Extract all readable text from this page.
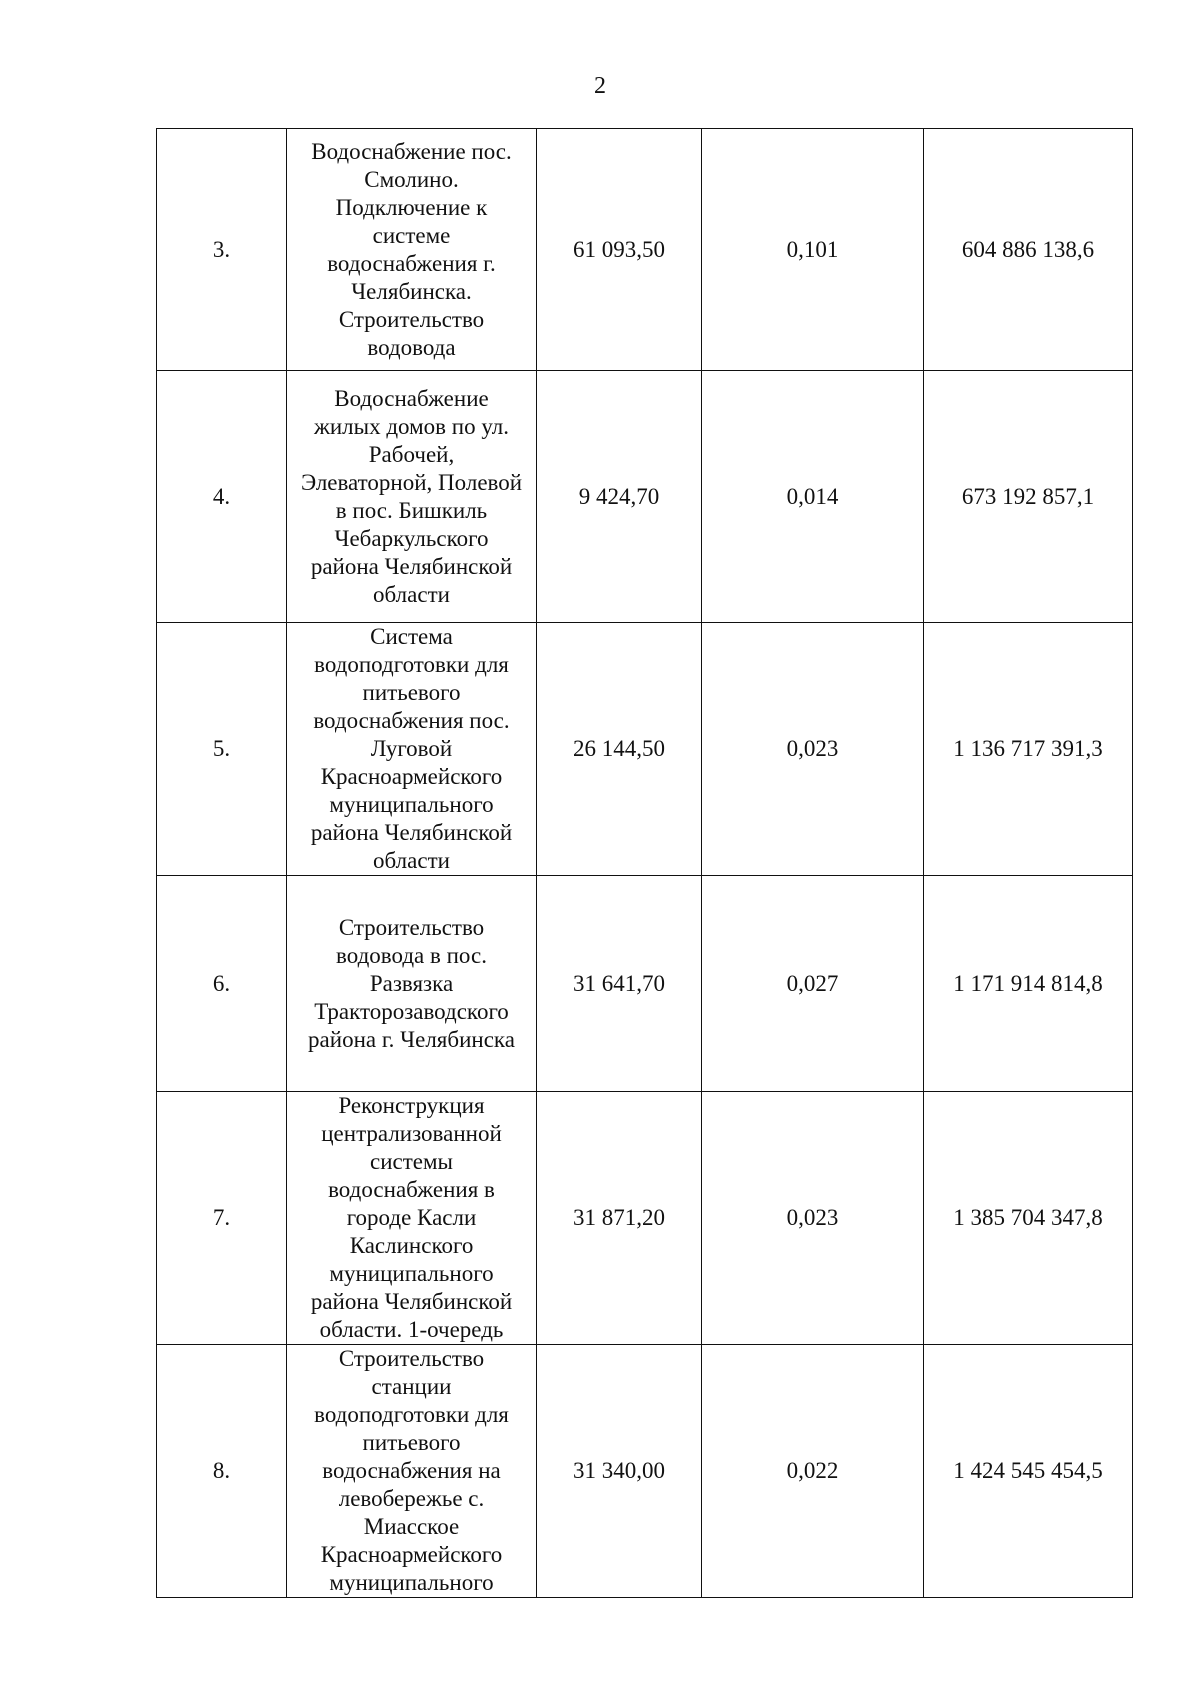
2
3.	Водоснабжение пос. Смолино. Подключение к системе водоснабжения г. Челябинска. Строительство водовода	61 093,50	0,101	604 886 138,6
4.	Водоснабжение жилых домов по ул. Рабочей, Элеваторной, Полевой в пос. Бишкиль Чебаркульского района Челябинской области	9 424,70	0,014	673 192 857,1
5.	Система водоподготовки для питьевого водоснабжения пос. Луговой Красноармейского муниципального района Челябинской области	26 144,50	0,023	1 136 717 391,3
6.	Строительство водовода в пос. Развязка Тракторозаводского района г. Челябинска	31 641,70	0,027	1 171 914 814,8
7.	Реконструкция централизованной системы водоснабжения в городе Касли Каслинского муниципального района Челябинской области. 1-очередь	31 871,20	0,023	1 385 704 347,8
8.	Строительство станции водоподготовки для питьевого водоснабжения на левобережье с. Миасское Красноармейского муниципального	31 340,00	0,022	1 424 545 454,5
